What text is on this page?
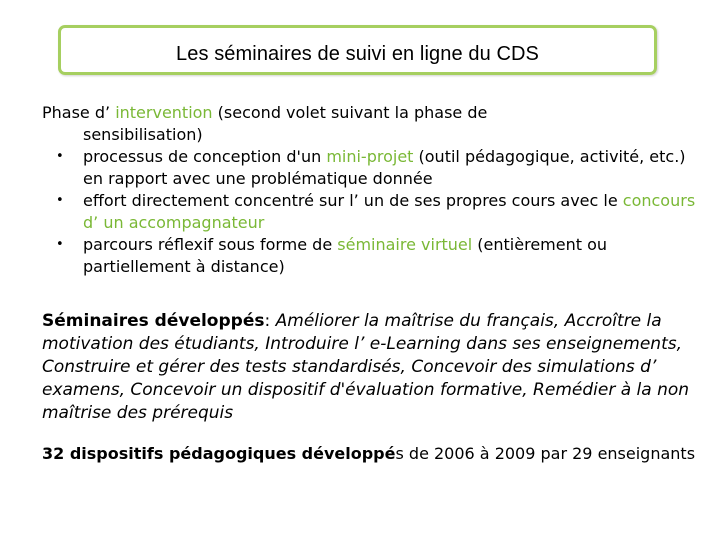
Les séminaires de suivi en ligne du CDS
Phase d’ intervention (second volet suivant la phase de
sensibilisation)
• processus de conception d'un mini-projet (outil pédagogique, activité, etc.) en rapport avec une problématique donnée
• effort directement concentré sur l’ un de ses propres cours avec le concours d’ un accompagnateur
• parcours réflexif sous forme de séminaire virtuel (entièrement ou partiellement à distance)
Séminaires développés: Améliorer la maîtrise du français, Accroître la motivation des étudiants, Introduire l’ e-Learning dans ses enseignements, Construire et gérer des tests standardisés, Concevoir des simulations d’ examens, Concevoir un dispositif d'évaluation formative, Remédier à la non maîtrise des prérequis
32 dispositifs pédagogiques développés de 2006 à 2009 par 29 enseignants
